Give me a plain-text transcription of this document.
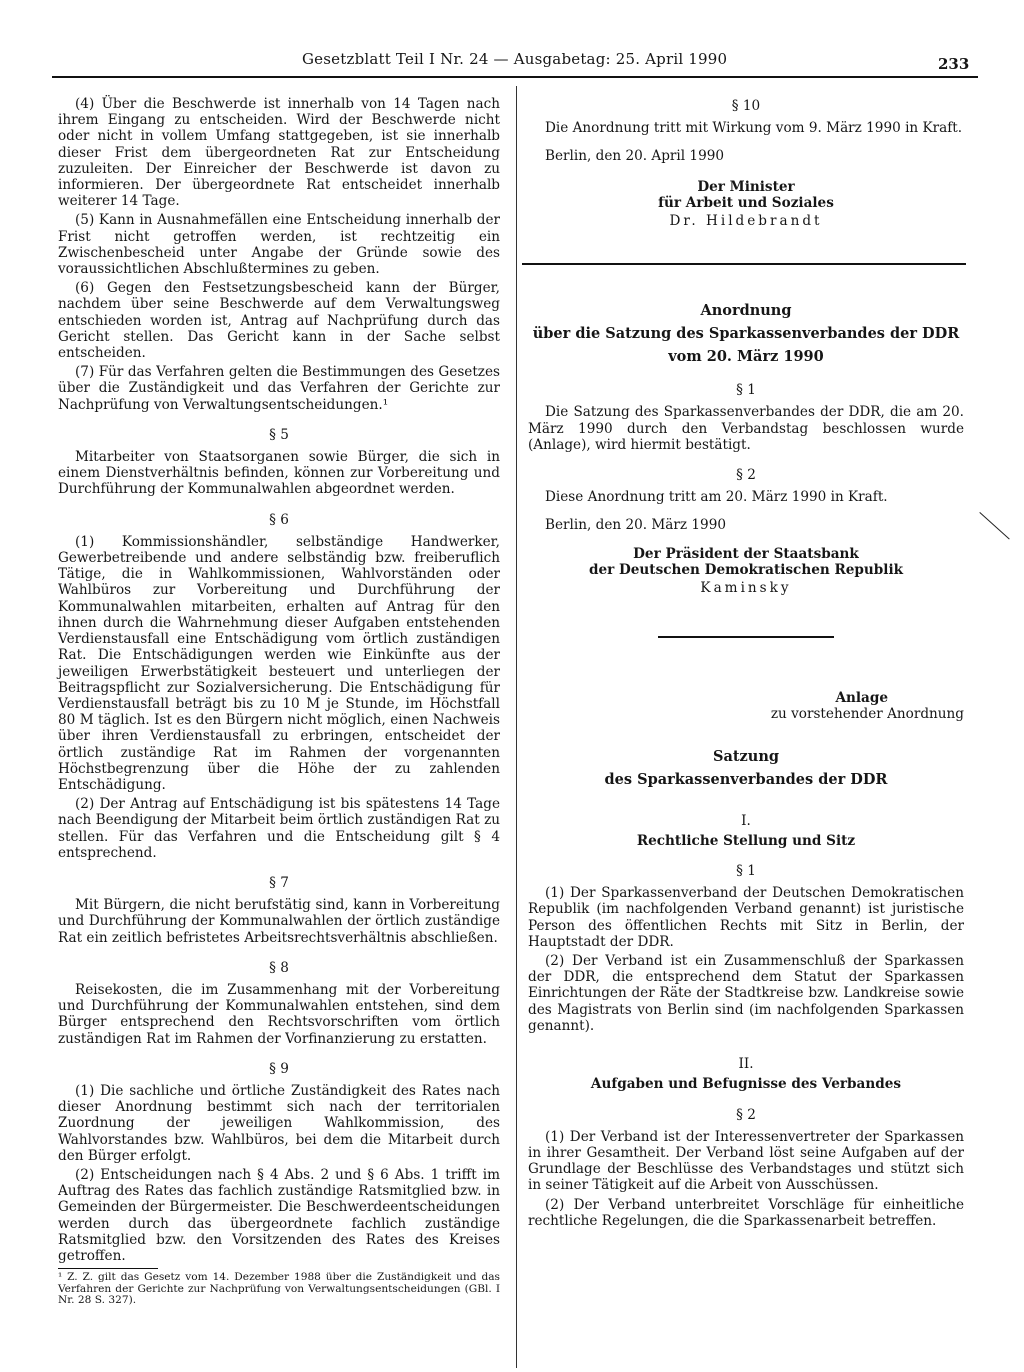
Gesetzblatt Teil I Nr. 24 — Ausgabetag: 25. April 1990	233

(4) Über die Beschwerde ist innerhalb von 14 Tagen nach ihrem Eingang zu entscheiden. Wird der Beschwerde nicht oder nicht in vollem Umfang stattgegeben, ist sie innerhalb dieser Frist dem übergeordneten Rat zur Entscheidung zuzuleiten. Der Einreicher der Beschwerde ist davon zu informieren. Der übergeordnete Rat entscheidet innerhalb weiterer 14 Tage.

(5) Kann in Ausnahmefällen eine Entscheidung innerhalb der Frist nicht getroffen werden, ist rechtzeitig ein Zwischenbescheid unter Angabe der Gründe sowie des voraussichtlichen Abschlußtermines zu geben.

(6) Gegen den Festsetzungsbescheid kann der Bürger, nachdem über seine Beschwerde auf dem Verwaltungsweg entschieden worden ist, Antrag auf Nachprüfung durch das Gericht stellen. Das Gericht kann in der Sache selbst entscheiden.

(7) Für das Verfahren gelten die Bestimmungen des Gesetzes über die Zuständigkeit und das Verfahren der Gerichte zur Nachprüfung von Verwaltungsentscheidungen.¹

§ 5

Mitarbeiter von Staatsorganen sowie Bürger, die sich in einem Dienstverhältnis befinden, können zur Vorbereitung und Durchführung der Kommunalwahlen abgeordnet werden.

§ 6

(1) Kommissionshändler, selbständige Handwerker, Gewerbetreibende und andere selbständig bzw. freiberuflich Tätige, die in Wahlkommissionen, Wahlvorständen oder Wahlbüros zur Vorbereitung und Durchführung der Kommunalwahlen mitarbeiten, erhalten auf Antrag für den ihnen durch die Wahrnehmung dieser Aufgaben entstehenden Verdienstausfall eine Entschädigung vom örtlich zuständigen Rat. Die Entschädigungen werden wie Einkünfte aus der jeweiligen Erwerbstätigkeit besteuert und unterliegen der Beitragspflicht zur Sozialversicherung. Die Entschädigung für Verdienstausfall beträgt bis zu 10 M je Stunde, im Höchstfall 80 M täglich. Ist es den Bürgern nicht möglich, einen Nachweis über ihren Verdienstausfall zu erbringen, entscheidet der örtlich zuständige Rat im Rahmen der vorgenannten Höchstbegrenzung über die Höhe der zu zahlenden Entschädigung.

(2) Der Antrag auf Entschädigung ist bis spätestens 14 Tage nach Beendigung der Mitarbeit beim örtlich zuständigen Rat zu stellen. Für das Verfahren und die Entscheidung gilt § 4 entsprechend.

§ 7

Mit Bürgern, die nicht berufstätig sind, kann in Vorbereitung und Durchführung der Kommunalwahlen der örtlich zuständige Rat ein zeitlich befristetes Arbeitsrechtsverhältnis abschließen.

§ 8

Reisekosten, die im Zusammenhang mit der Vorbereitung und Durchführung der Kommunalwahlen entstehen, sind dem Bürger entsprechend den Rechtsvorschriften vom örtlich zuständigen Rat im Rahmen der Vorfinanzierung zu erstatten.

§ 9

(1) Die sachliche und örtliche Zuständigkeit des Rates nach dieser Anordnung bestimmt sich nach der territorialen Zuordnung der jeweiligen Wahlkommission, des Wahlvorstandes bzw. Wahlbüros, bei dem die Mitarbeit durch den Bürger erfolgt.

(2) Entscheidungen nach § 4 Abs. 2 und § 6 Abs. 1 trifft im Auftrag des Rates das fachlich zuständige Ratsmitglied bzw. in Gemeinden der Bürgermeister. Die Beschwerdeentscheidungen werden durch das übergeordnete fachlich zuständige Ratsmitglied bzw. den Vorsitzenden des Rates des Kreises getroffen.

¹ Z. Z. gilt das Gesetz vom 14. Dezember 1988 über die Zuständigkeit und das Verfahren der Gerichte zur Nachprüfung von Verwaltungsentscheidungen (GBl. I Nr. 28 S. 327).
§ 10

Die Anordnung tritt mit Wirkung vom 9. März 1990 in Kraft.

Berlin, den 20. April 1990

Der Minister
für Arbeit und Soziales
Dr. Hildebrandt
Anordnung
über die Satzung des Sparkassenverbandes der DDR
vom 20. März 1990
§ 1

Die Satzung des Sparkassenverbandes der DDR, die am 20. März 1990 durch den Verbandstag beschlossen wurde (Anlage), wird hiermit bestätigt.

§ 2

Diese Anordnung tritt am 20. März 1990 in Kraft.

Berlin, den 20. März 1990

Der Präsident der Staatsbank
der Deutschen Demokratischen Republik
Kaminsky
Anlage
zu vorstehender Anordnung
Satzung
des Sparkassenverbandes der DDR
I.
Rechtliche Stellung und Sitz
§ 1

(1) Der Sparkassenverband der Deutschen Demokratischen Republik (im nachfolgenden Verband genannt) ist juristische Person des öffentlichen Rechts mit Sitz in Berlin, der Hauptstadt der DDR.

(2) Der Verband ist ein Zusammenschluß der Sparkassen der DDR, die entsprechend dem Statut der Sparkassen Einrichtungen der Räte der Stadtkreise bzw. Landkreise sowie des Magistrats von Berlin sind (im nachfolgenden Sparkassen genannt).

II.
Aufgaben und Befugnisse des Verbandes
§ 2

(1) Der Verband ist der Interessenvertreter der Sparkassen in ihrer Gesamtheit. Der Verband löst seine Aufgaben auf der Grundlage der Beschlüsse des Verbandstages und stützt sich in seiner Tätigkeit auf die Arbeit von Ausschüssen.

(2) Der Verband unterbreitet Vorschläge für einheitliche rechtliche Regelungen, die die Sparkassenarbeit betreffen.
